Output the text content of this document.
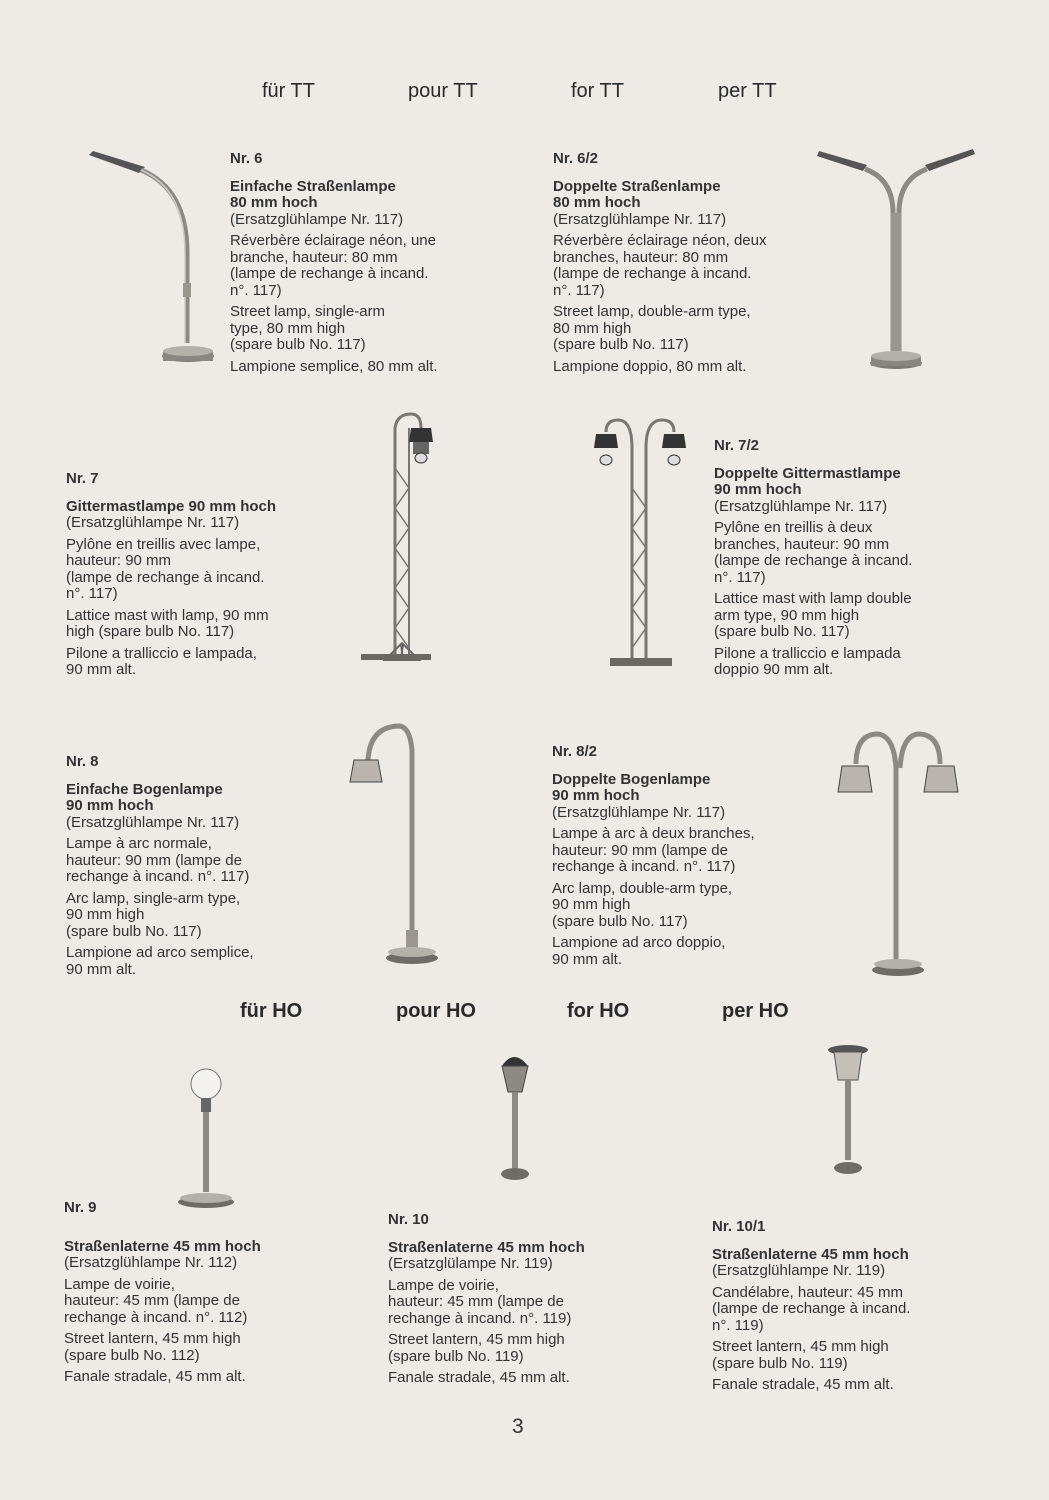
für TT	pour TT	for TT	per TT
für HO	pour HO	for HO	per HO

Nr. 6

Einfache Straßenlampe
80 mm hoch

(Ersatzglühlampe Nr. 117)

Réverbère éclairage néon, une
branche, hauteur: 80 mm
(lampe de rechange à incand.
n°. 117)

Street lamp, single-arm
type, 80 mm high
(spare bulb No. 117)

Lampione semplice, 80 mm alt.

Nr. 6/2

Doppelte Straßenlampe
80 mm hoch

(Ersatzglühlampe Nr. 117)

Réverbère éclairage néon, deux
branches, hauteur: 80 mm
(lampe de rechange à incand.
n°. 117)

Street lamp, double-arm type,
80 mm high
(spare bulb No. 117)

Lampione doppio, 80 mm alt.

Nr. 7

Gittermastlampe 90 mm hoch

(Ersatzglühlampe Nr. 117)

Pylône en treillis avec lampe,
hauteur: 90 mm
(lampe de rechange à incand.
n°. 117)

Lattice mast with lamp, 90 mm
high (spare bulb No. 117)

Pilone a tralliccio e lampada,
90 mm alt.

Nr. 7/2

Doppelte Gittermastlampe
90 mm hoch

(Ersatzglühlampe Nr. 117)

Pylône en treillis à deux
branches, hauteur: 90 mm
(lampe de rechange à incand.
n°. 117)

Lattice mast with lamp double
arm type, 90 mm high
(spare bulb No. 117)

Pilone a tralliccio e lampada
doppio 90 mm alt.

Nr. 8

Einfache Bogenlampe
90 mm hoch

(Ersatzglühlampe Nr. 117)

Lampe à arc normale,
hauteur: 90 mm (lampe de
rechange à incand. n°. 117)

Arc lamp, single-arm type,
90 mm high
(spare bulb No. 117)

Lampione ad arco semplice,
90 mm alt.

Nr. 8/2

Doppelte Bogenlampe
90 mm hoch

(Ersatzglühlampe Nr. 117)

Lampe à arc à deux branches,
hauteur: 90 mm (lampe de
rechange à incand. n°. 117)

Arc lamp, double-arm type,
90 mm high
(spare bulb No. 117)

Lampione ad arco doppio,
90 mm alt.

Nr. 9

Straßenlaterne 45 mm hoch

(Ersatzglühlampe Nr. 112)

Lampe de voirie,
hauteur: 45 mm (lampe de
rechange à incand. n°. 112)

Street lantern, 45 mm high
(spare bulb No. 112)

Fanale stradale, 45 mm alt.

Nr. 10

Straßenlaterne 45 mm hoch

(Ersatzglülampe Nr. 119)

Lampe de voirie,
hauteur: 45 mm (lampe de
rechange à incand. n°. 119)

Street lantern, 45 mm high
(spare bulb No. 119)

Fanale stradale, 45 mm alt.

Nr. 10/1

Straßenlaterne 45 mm hoch

(Ersatzglühlampe Nr. 119)

Candélabre, hauteur: 45 mm
(lampe de rechange à incand.
n°. 119)

Street lantern, 45 mm high
(spare bulb No. 119)

Fanale stradale, 45 mm alt.

3
